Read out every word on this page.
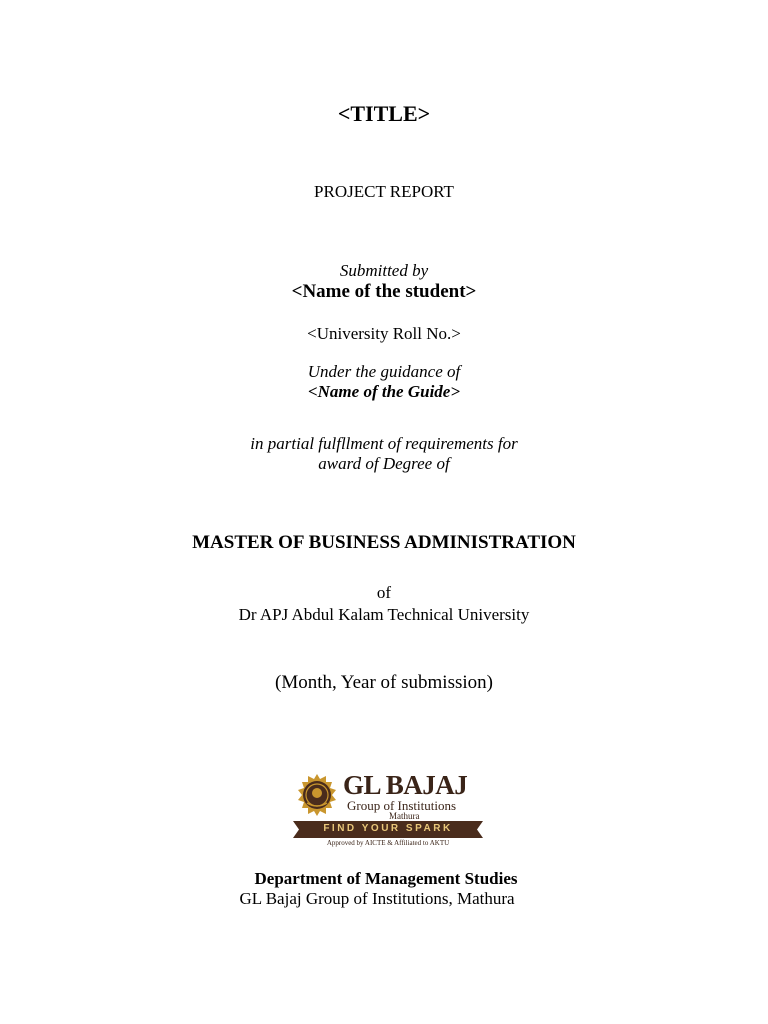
<TITLE>
PROJECT REPORT
Submitted by
<Name of the student>
<University Roll No.>
Under the guidance of
<Name of the Guide>
in partial fulfllment of requirements for
award of Degree of
MASTER OF BUSINESS ADMINISTRATION
of
Dr APJ Abdul Kalam Technical University
(Month, Year of submission)
GL BAJAJ
Group of Institutions
Mathura
FIND YOUR SPARK
Approved by AICTE & Affiliated to AKTU
Department of Management Studies
GL Bajaj Group of Institutions, Mathura
